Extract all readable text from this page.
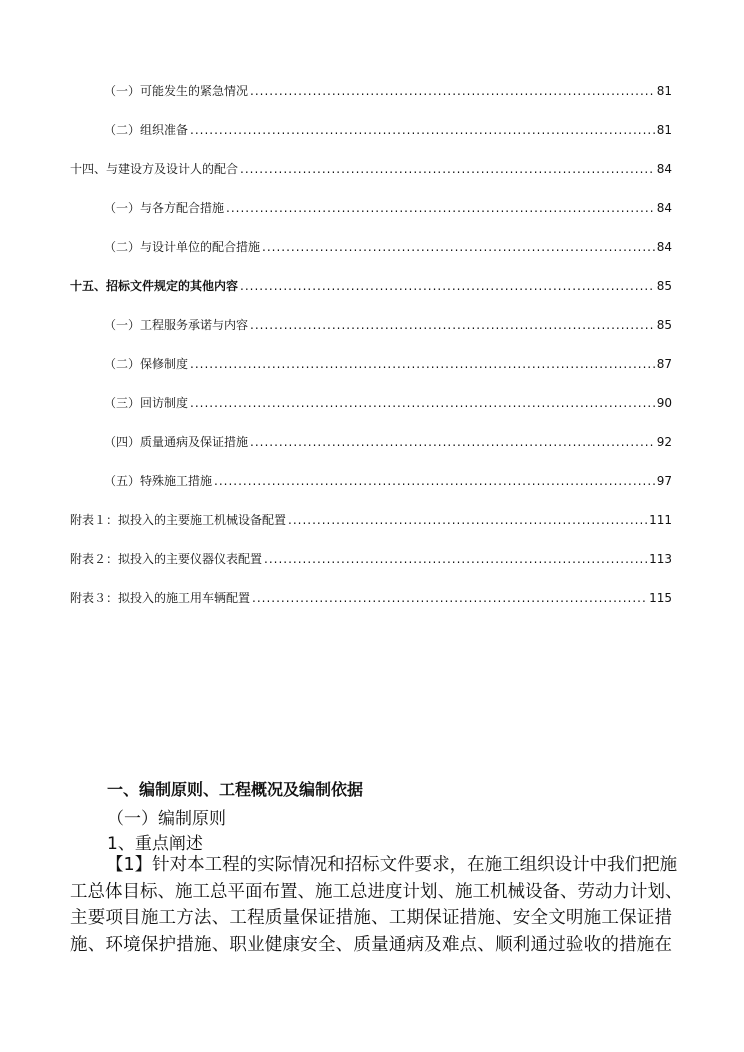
（一）可能发生的紧急情况 .....	81
（二）组织准备 .....	81
十四、与建设方及设计人的配合 .....	84
（一）与各方配合措施 .....	84
（二）与设计单位的配合措施 .....	84
十五、招标文件规定的其他内容 .....	85
（一）工程服务承诺与内容 .....	85
（二）保修制度 .....	87
（三）回访制度 .....	90
（四）质量通病及保证措施 .....	92
（五）特殊施工措施 .....	97
附表１：拟投入的主要施工机械设备配置 .....	111
附表２：拟投入的主要仪器仪表配置 .....	113
附表３：拟投入的施工用车辆配置 .....	115
一、编制原则、工程概况及编制依据
（一）编制原则
1、重点阐述
【1】针对本工程的实际情况和招标文件要求，在施工组织设计中我们把施
工总体目标、施工总平面布置、施工总进度计划、施工机械设备、劳动力计划、
主要项目施工方法、工程质量保证措施、工期保证措施、安全文明施工保证措
施、环境保护措施、职业健康安全、质量通病及难点、顺利通过验收的措施在
